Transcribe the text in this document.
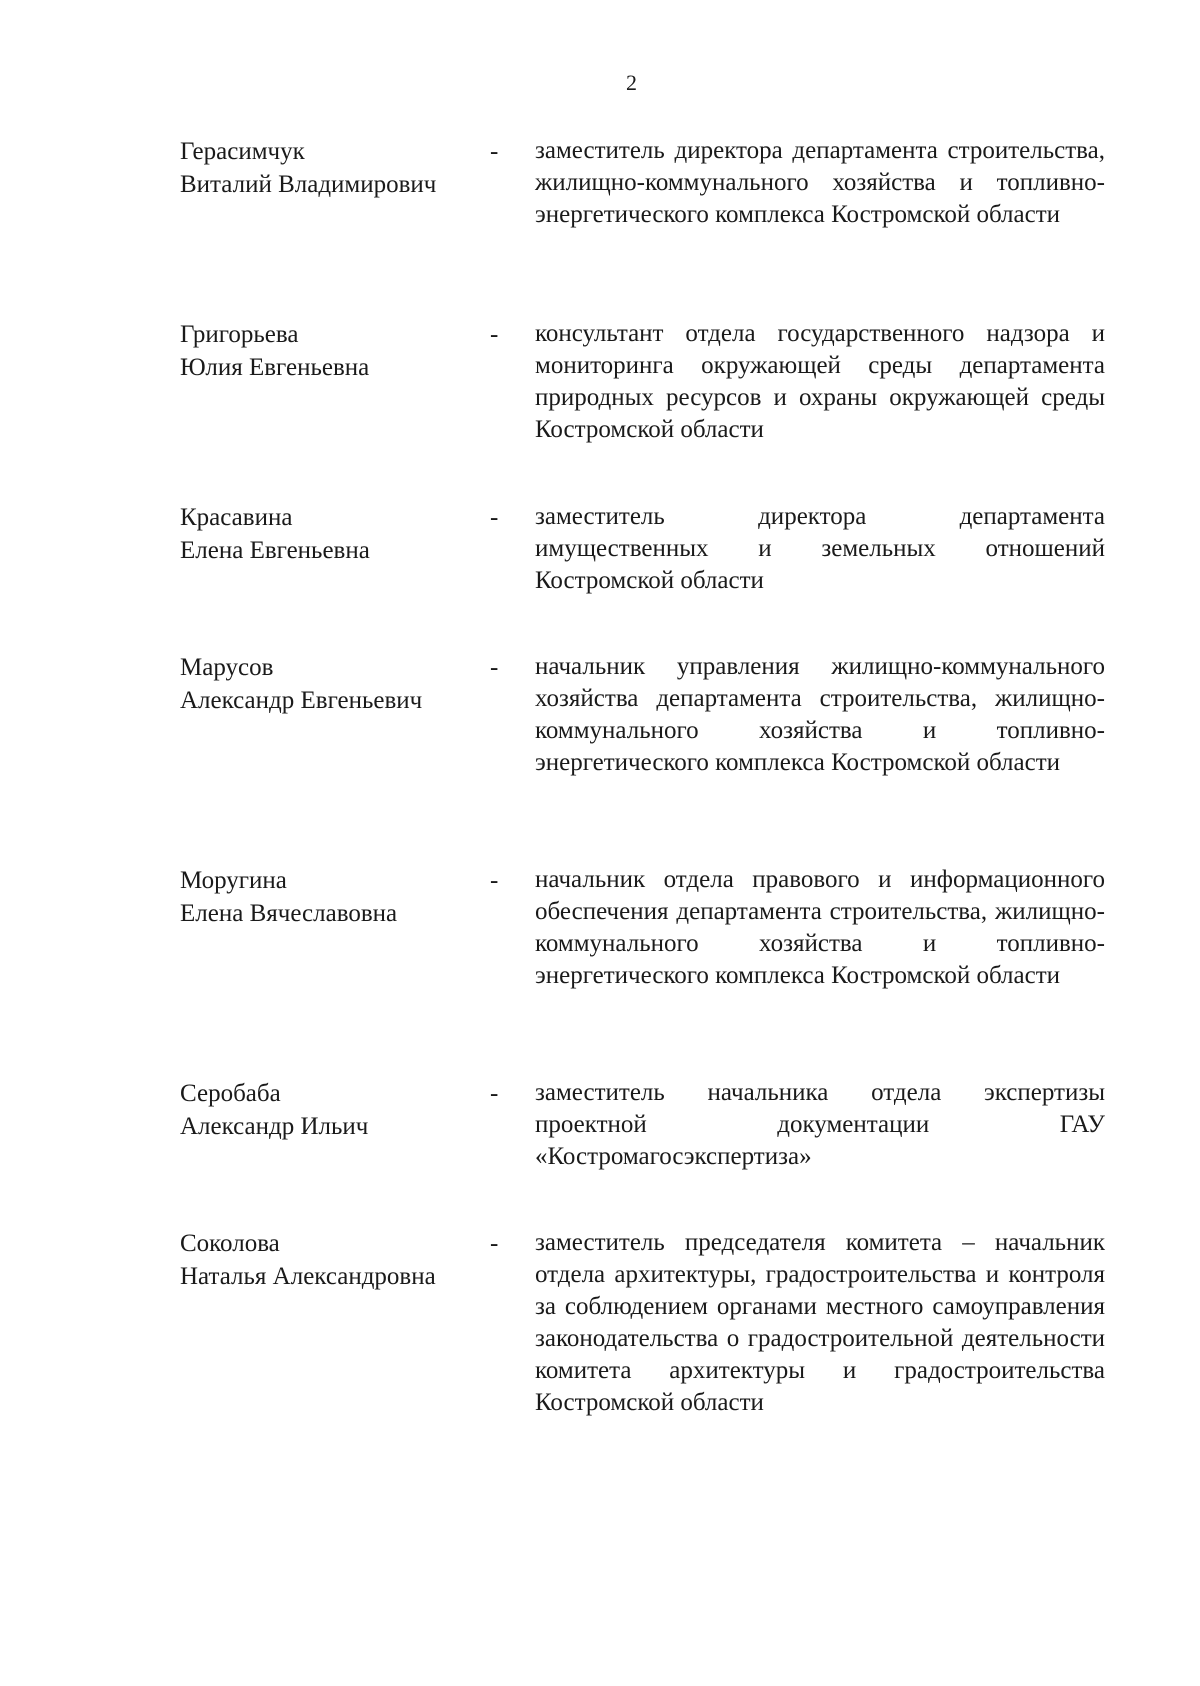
2
Герасимчук
Виталий Владимирович
- заместитель директора департамента строительства, жилищно-коммунального хозяйства и топливно-энергетического комплекса Костромской области
Григорьева
Юлия Евгеньевна
- консультант отдела государственного надзора и мониторинга окружающей среды департамента природных ресурсов и охраны окружающей среды Костромской области
Красавина
Елена Евгеньевна
- заместитель директора департамента имущественных и земельных отношений Костромской области
Марусов
Александр Евгеньевич
- начальник управления жилищно-коммунального хозяйства департамента строительства, жилищно-коммунального хозяйства и топливно-энергетического комплекса Костромской области
Моругина
Елена Вячеславовна
- начальник отдела правового и информационного обеспечения департамента строительства, жилищно-коммунального хозяйства и топливно-энергетического комплекса Костромской области
Серобаба
Александр Ильич
- заместитель начальника отдела экспертизы проектной документации ГАУ «Костромагосэкспертиза»
Соколова
Наталья Александровна
- заместитель председателя комитета – начальник отдела архитектуры, градостроительства и контроля за соблюдением органами местного самоуправления законодательства о градостроительной деятельности комитета архитектуры и градостроительства Костромской области
